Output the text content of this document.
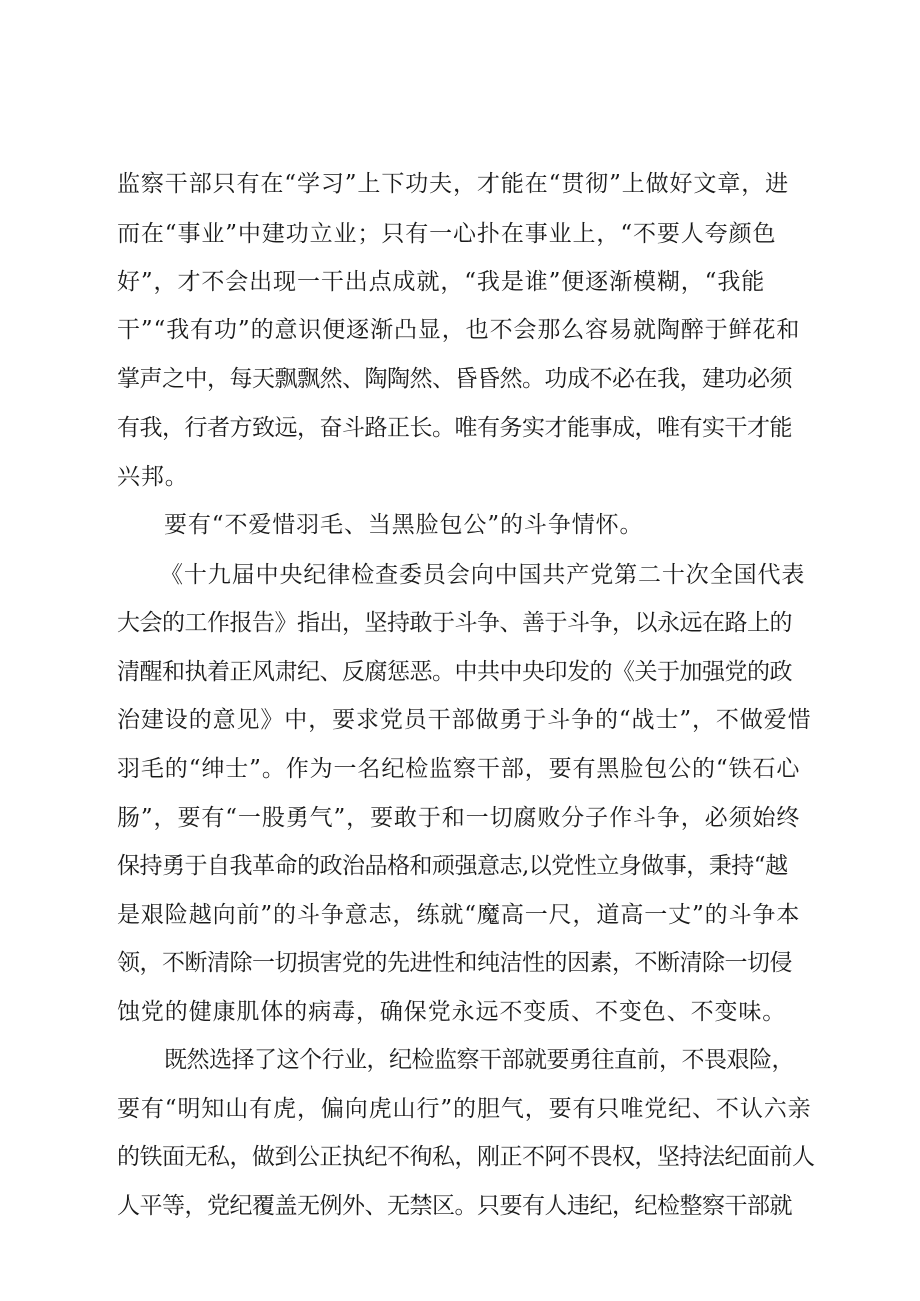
监察干部只有在“学习”上下功夫，才能在“贯彻”上做好文章，进
而在“事业”中建功立业；只有一心扑在事业上，“不要人夸颜色
好”，才不会出现一干出点成就，“我是谁”便逐渐模糊，“我能
干”“我有功”的意识便逐渐凸显，也不会那么容易就陶醉于鲜花和
掌声之中，每天飘飘然、陶陶然、昏昏然。功成不必在我，建功必须
有我，行者方致远，奋斗路正长。唯有务实才能事成，唯有实干才能
兴邦。
要有“不爱惜羽毛、当黑脸包公”的斗争情怀。
《十九届中央纪律检查委员会向中国共产党第二十次全国代表
大会的工作报告》指出，坚持敢于斗争、善于斗争，以永远在路上的
清醒和执着正风肃纪、反腐惩恶。中共中央印发的《关于加强党的政
治建设的意见》中，要求党员干部做勇于斗争的“战士”，不做爱惜
羽毛的“绅士”。作为一名纪检监察干部，要有黑脸包公的“铁石心
肠”，要有“一股勇气”，要敢于和一切腐败分子作斗争，必须始终
保持勇于自我革命的政治品格和顽强意志,以党性立身做事，秉持“越
是艰险越向前”的斗争意志，练就“魔高一尺，道高一丈”的斗争本
领，不断清除一切损害党的先进性和纯洁性的因素，不断清除一切侵
蚀党的健康肌体的病毒，确保党永远不变质、不变色、不变味。
既然选择了这个行业，纪检监察干部就要勇往直前，不畏艰险，
要有“明知山有虎，偏向虎山行”的胆气，要有只唯党纪、不认六亲
的铁面无私，做到公正执纪不徇私，刚正不阿不畏权，坚持法纪面前人
人平等，党纪覆盖无例外、无禁区。只要有人违纪，纪检整察干部就
